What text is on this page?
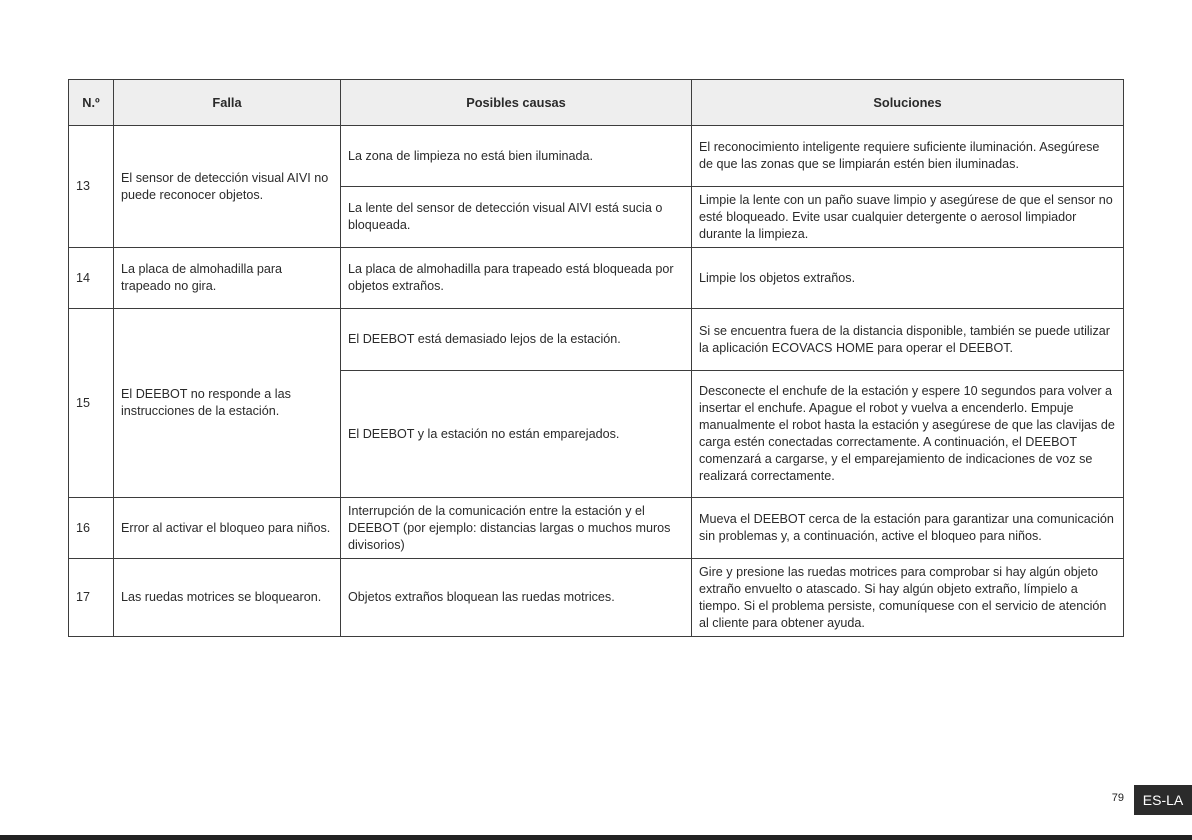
N.º	Falla	Posibles causas	Soluciones
13	El sensor de detección visual AIVI no puede reconocer objetos.	La zona de limpieza no está bien iluminada.	El reconocimiento inteligente requiere suficiente iluminación. Asegúrese de que las zonas que se limpiarán estén bien iluminadas.
		La lente del sensor de detección visual AIVI está sucia o bloqueada.	Limpie la lente con un paño suave limpio y asegúrese de que el sensor no esté bloqueado. Evite usar cualquier detergente o aerosol limpiador durante la limpieza.
14	La placa de almohadilla para trapeado no gira.	La placa de almohadilla para trapeado está bloqueada por objetos extraños.	Limpie los objetos extraños.
15	El DEEBOT no responde a las instrucciones de la estación.	El DEEBOT está demasiado lejos de la estación.	Si se encuentra fuera de la distancia disponible, también se puede utilizar la aplicación ECOVACS HOME para operar el DEEBOT.
		El DEEBOT y la estación no están emparejados.	Desconecte el enchufe de la estación y espere 10 segundos para volver a insertar el enchufe. Apague el robot y vuelva a encenderlo. Empuje manualmente el robot hasta la estación y asegúrese de que las clavijas de carga estén conectadas correctamente. A continuación, el DEEBOT comenzará a cargarse, y el emparejamiento de indicaciones de voz se realizará correctamente.
16	Error al activar el bloqueo para niños.	Interrupción de la comunicación entre la estación y el DEEBOT (por ejemplo: distancias largas o muchos muros divisorios)	Mueva el DEEBOT cerca de la estación para garantizar una comunicación sin problemas y, a continuación, active el bloqueo para niños.
17	Las ruedas motrices se bloquearon.	Objetos extraños bloquean las ruedas motrices.	Gire y presione las ruedas motrices para comprobar si hay algún objeto extraño envuelto o atascado. Si hay algún objeto extraño, límpielo a tiempo. Si el problema persiste, comuníquese con el servicio de atención al cliente para obtener ayuda.
79	ES-LA
